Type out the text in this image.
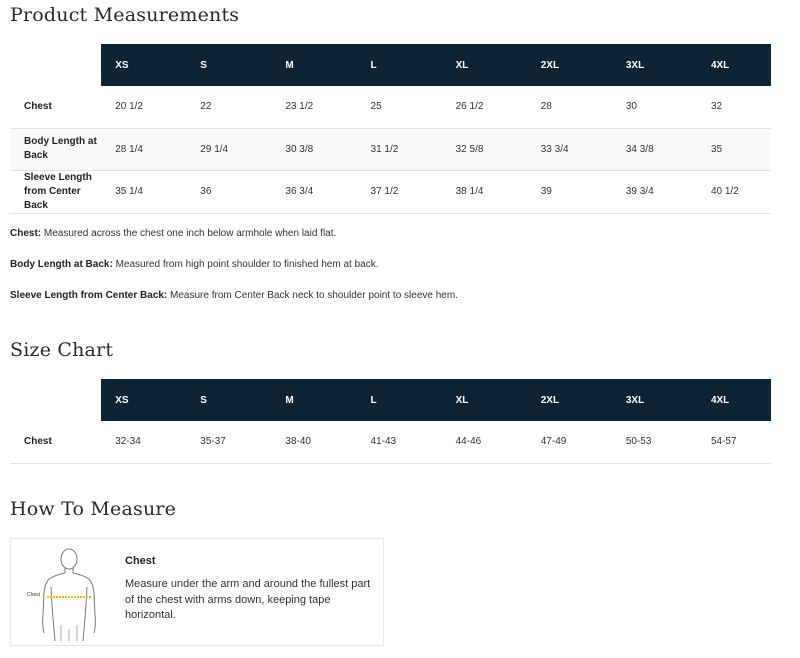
Product Measurements
	XS	S	M	L	XL	2XL	3XL	4XL
Chest	20 1/2	22	23 1/2	25	26 1/2	28	30	32
Body Length at Back	28 1/4	29 1/4	30 3/8	31 1/2	32 5/8	33 3/4	34 3/8	35
Sleeve Length from Center Back	35 1/4	36	36 3/4	37 1/2	38 1/4	39	39 3/4	40 1/2

Chest: Measured across the chest one inch below armhole when laid flat.

Body Length at Back: Measured from high point shoulder to finished hem at back.

Sleeve Length from Center Back: Measure from Center Back neck to shoulder point to sleeve hem.

Size Chart
	XS	S	M	L	XL	2XL	3XL	4XL
Chest	32-34	35-37	38-40	41-43	44-46	47-49	50-53	54-57
How To Measure
Chest
Chest
Measure under the arm and around the fullest part of the chest with arms down, keeping tape horizontal.
